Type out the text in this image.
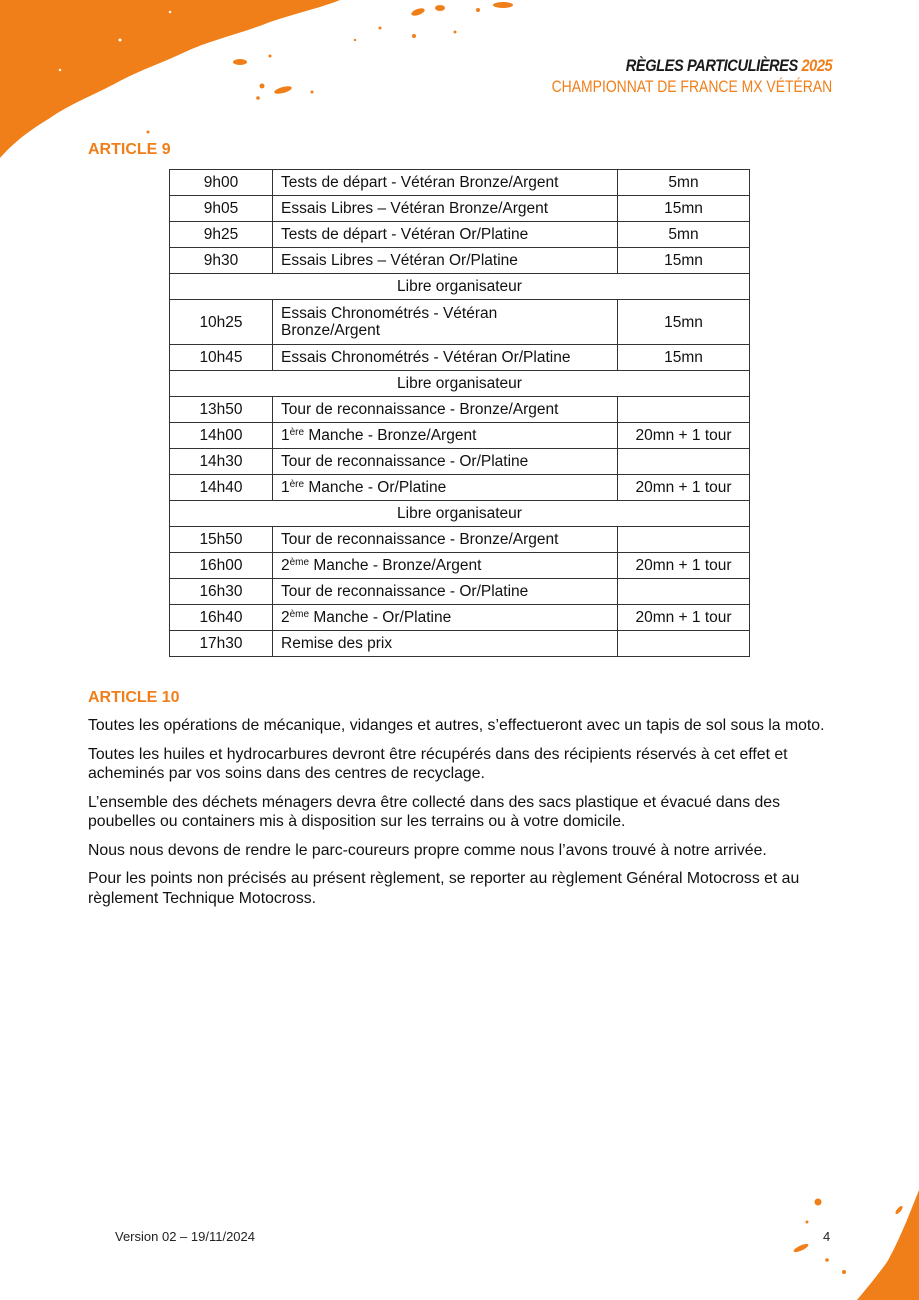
RÈGLES PARTICULIÈRES 2025
CHAMPIONNAT DE FRANCE MX VÉTÉRAN
ARTICLE 9
9h00	Tests de départ - Vétéran Bronze/Argent	5mn
9h05	Essais Libres – Vétéran Bronze/Argent	15mn
9h25	Tests de départ - Vétéran Or/Platine	5mn
9h30	Essais Libres – Vétéran Or/Platine	15mn
Libre organisateur		
10h25	Essais Chronométrés - Vétéran Bronze/Argent	15mn
10h45	Essais Chronométrés - Vétéran Or/Platine	15mn
Libre organisateur		
13h50	Tour de reconnaissance - Bronze/Argent	
14h00	1ère Manche - Bronze/Argent	20mn + 1 tour
14h30	Tour de reconnaissance - Or/Platine	
14h40	1ère Manche - Or/Platine	20mn + 1 tour
Libre organisateur		
15h50	Tour de reconnaissance - Bronze/Argent	
16h00	2ème Manche - Bronze/Argent	20mn + 1 tour
16h30	Tour de reconnaissance - Or/Platine	
16h40	2ème Manche - Or/Platine	20mn + 1 tour
17h30	Remise des prix	
ARTICLE 10

Toutes les opérations de mécanique, vidanges et autres, s’effectueront avec un tapis de sol sous la moto.

Toutes les huiles et hydrocarbures devront être récupérés dans des récipients réservés à cet effet et acheminés par vos soins dans des centres de recyclage.

L’ensemble des déchets ménagers devra être collecté dans des sacs plastique et évacué dans des poubelles ou containers mis à disposition sur les terrains ou à votre domicile.

Nous nous devons de rendre le parc-coureurs propre comme nous l’avons trouvé à notre arrivée.

Pour les points non précisés au présent règlement, se reporter au règlement Général Motocross et au règlement Technique Motocross.

Version 02 – 19/11/2024	4
